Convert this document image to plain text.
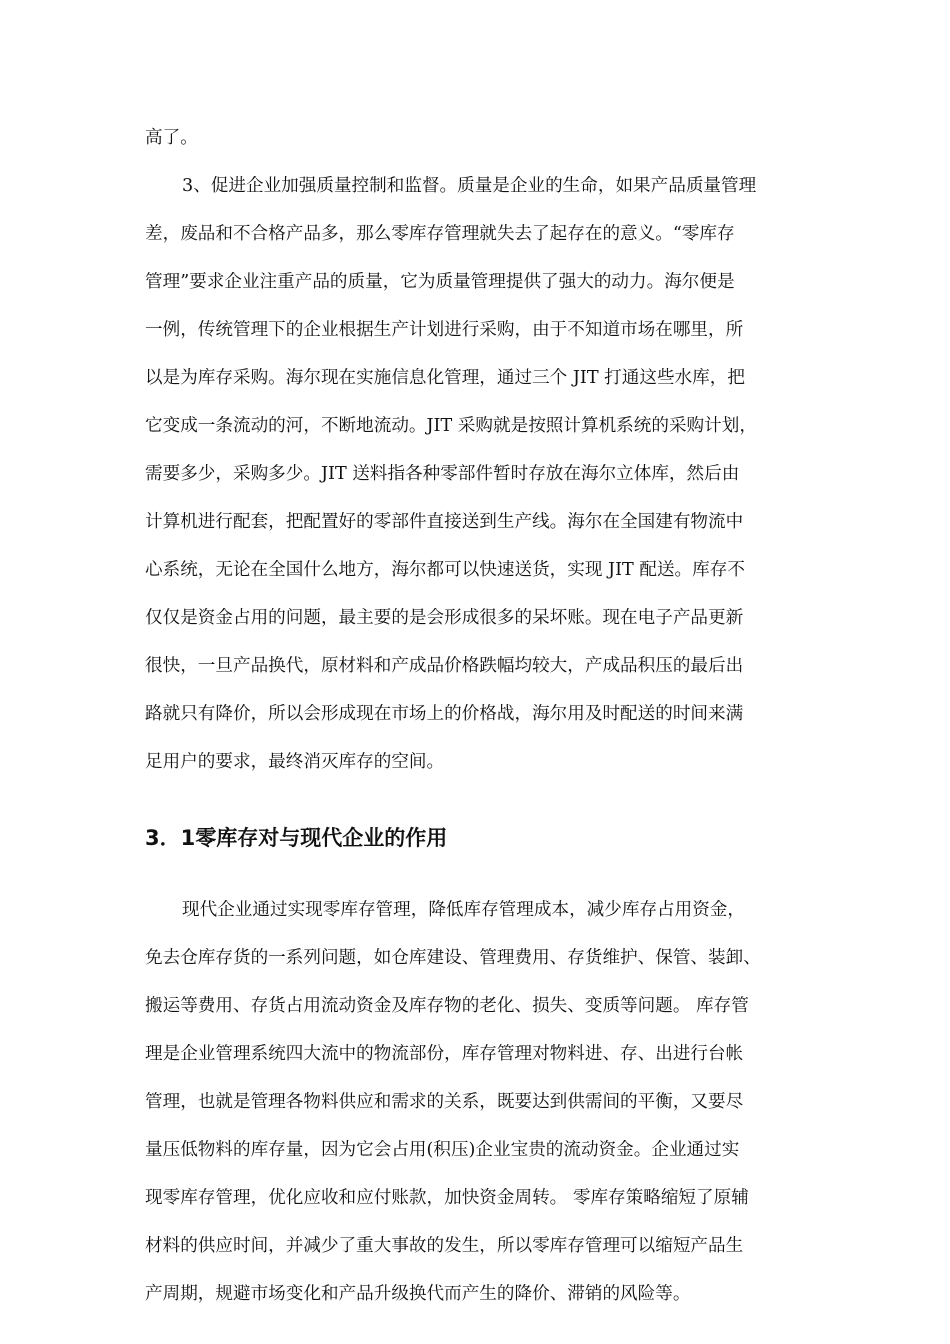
高了。
3、促进企业加强质量控制和监督。质量是企业的生命，如果产品质量管理
差，废品和不合格产品多，那么零库存管理就失去了起存在的意义。“零库存
管理”要求企业注重产品的质量，它为质量管理提供了强大的动力。海尔便是
一例，传统管理下的企业根据生产计划进行采购，由于不知道市场在哪里，所
以是为库存采购。海尔现在实施信息化管理，通过三个 JIT 打通这些水库，把
它变成一条流动的河，不断地流动。JIT 采购就是按照计算机系统的采购计划，
需要多少，采购多少。JIT 送料指各种零部件暂时存放在海尔立体库，然后由
计算机进行配套，把配置好的零部件直接送到生产线。海尔在全国建有物流中
心系统，无论在全国什么地方，海尔都可以快速送货，实现 JIT 配送。库存不
仅仅是资金占用的问题，最主要的是会形成很多的呆坏账。现在电子产品更新
很快，一旦产品换代，原材料和产成品价格跌幅均较大，产成品积压的最后出
路就只有降价，所以会形成现在市场上的价格战，海尔用及时配送的时间来满
足用户的要求，最终消灭库存的空间。
3．1零库存对与现代企业的作用
现代企业通过实现零库存管理，降低库存管理成本，减少库存占用资金，
免去仓库存货的一系列问题，如仓库建设、管理费用、存货维护、保管、装卸、
搬运等费用、存货占用流动资金及库存物的老化、损失、变质等问题。 库存管
理是企业管理系统四大流中的物流部份，库存管理对物料进、存、出进行台帐
管理，也就是管理各物料供应和需求的关系，既要达到供需间的平衡，又要尽
量压低物料的库存量，因为它会占用(积压)企业宝贵的流动资金。企业通过实
现零库存管理，优化应收和应付账款，加快资金周转。 零库存策略缩短了原辅
材料的供应时间，并减少了重大事故的发生，所以零库存管理可以缩短产品生
产周期，规避市场变化和产品升级换代而产生的降价、滞销的风险等。
